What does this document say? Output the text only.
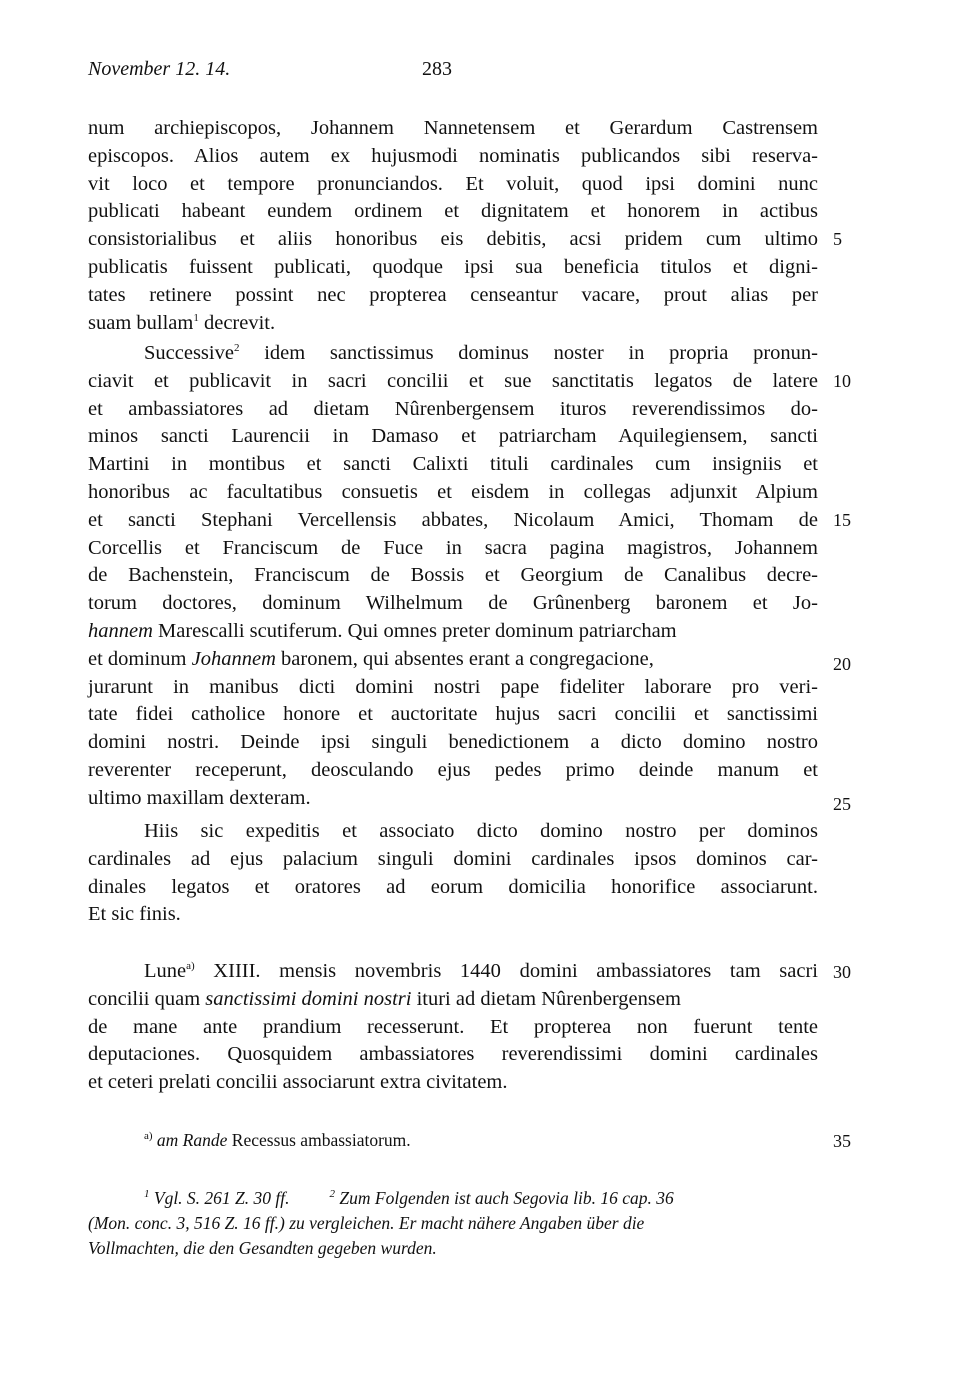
November 12. 14.	283
num archiepiscopos, Johannem Nannetensem et Gerardum Castrensem
episcopos. Alios autem ex hujusmodi nominatis publicandos sibi reserva-
vit loco et tempore pronunciandos. Et voluit, quod ipsi domini nunc
publicati habeant eundem ordinem et dignitatem et honorem in actibus
consistorialibus et aliis honoribus eis debitis, acsi pridem cum ultimo
publicatis fuissent publicati, quodque ipsi sua beneficia titulos et digni-
tates retinere possint nec propterea censeantur vacare, prout alias per
suam bullam$^1$ decrevit.
Successive$^2$ idem sanctissimus dominus noster in propria pronun-
ciavit et publicavit in sacri concilii et sue sanctitatis legatos de latere
et ambassiatores ad dietam Nûrenbergensem ituros reverendissimos do-
minos sancti Laurencii in Damaso et patriarcham Aquilegiensem, sancti
Martini in montibus et sancti Calixti tituli cardinales cum insigniis et
honoribus ac facultatibus consuetis et eisdem in collegas adjunxit Alpium
et sancti Stephani Vercellensis abbates, Nicolaum Amici, Thomam de
Corcellis et Franciscum de Fuce in sacra pagina magistros, Johannem
de Bachenstein, Franciscum de Bossis et Georgium de Canalibus decre-
torum doctores, dominum Wilhelmum de Grûnenberg baronem et Jo-
hannem Marescalli scutiferum. Qui omnes preter dominum patriarcham
et dominum Johannem baronem, qui absentes erant a congregacione,
jurarunt in manibus dicti domini nostri pape fideliter laborare pro veri-
tate fidei catholice honore et auctoritate hujus sacri concilii et sanctissimi
domini nostri. Deinde ipsi singuli benedictionem a dicto domino nostro
reverenter receperunt, deosculando ejus pedes primo deinde manum et
ultimo maxillam dexteram.
Hiis sic expeditis et associato dicto domino nostro per dominos
cardinales ad ejus palacium singuli domini cardinales ipsos dominos car-
dinales legatos et oratores ad eorum domicilia honorifice associarunt.
Et sic finis.
Lune$^{a)}$ XIIII. mensis novembris 1440 domini ambassiatores tam sacri
concilii quam sanctissimi domini nostri ituri ad dietam Nûrenbergensem
de mane ante prandium recesserunt. Et propterea non fuerunt tente
deputaciones. Quosquidem ambassiatores reverendissimi domini cardinales
et ceteri prelati concilii associarunt extra civitatem.
5
10
15
20
25
30
35
$^{a)}$ am Rande Recessus ambassiatorum.
$^1$ Vgl. S. 261 Z. 30 ff.	$^2$ Zum Folgenden ist auch Segovia lib. 16 cap. 36
(Mon. conc. 3, 516 Z. 16 ff.) zu vergleichen. Er macht nähere Angaben über die
Vollmachten, die den Gesandten gegeben wurden.
